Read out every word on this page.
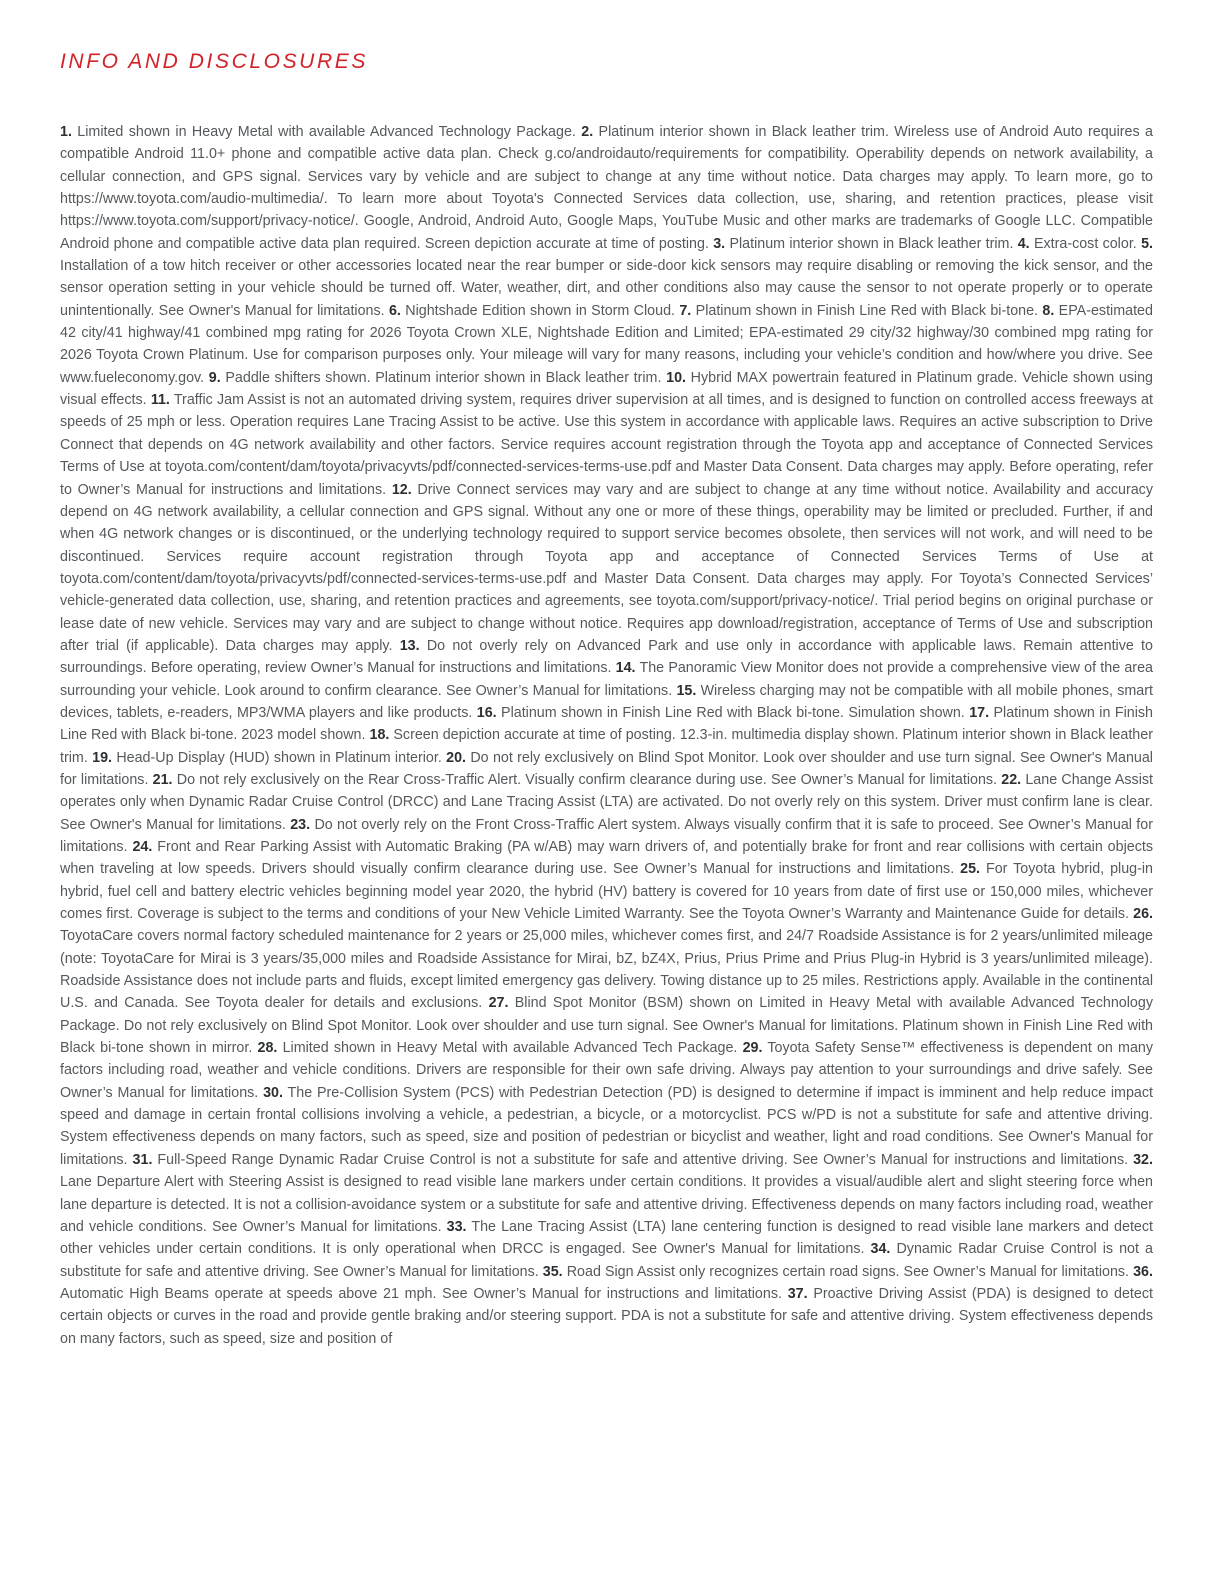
INFO AND DISCLOSURES
1. Limited shown in Heavy Metal with available Advanced Technology Package. 2. Platinum interior shown in Black leather trim. Wireless use of Android Auto requires a compatible Android 11.0+ phone and compatible active data plan. Check g.co/androidauto/requirements for compatibility. Operability depends on network availability, a cellular connection, and GPS signal. Services vary by vehicle and are subject to change at any time without notice. Data charges may apply. To learn more, go to https://www.toyota.com/audio-multimedia/. To learn more about Toyota's Connected Services data collection, use, sharing, and retention practices, please visit https://www.toyota.com/support/privacy-notice/. Google, Android, Android Auto, Google Maps, YouTube Music and other marks are trademarks of Google LLC. Compatible Android phone and compatible active data plan required. Screen depiction accurate at time of posting. 3. Platinum interior shown in Black leather trim. 4. Extra-cost color. 5. Installation of a tow hitch receiver or other accessories located near the rear bumper or side-door kick sensors may require disabling or removing the kick sensor, and the sensor operation setting in your vehicle should be turned off. Water, weather, dirt, and other conditions also may cause the sensor to not operate properly or to operate unintentionally. See Owner's Manual for limitations. 6. Nightshade Edition shown in Storm Cloud. 7. Platinum shown in Finish Line Red with Black bi-tone. 8. EPA-estimated 42 city/41 highway/41 combined mpg rating for 2026 Toyota Crown XLE, Nightshade Edition and Limited; EPA-estimated 29 city/32 highway/30 combined mpg rating for 2026 Toyota Crown Platinum. Use for comparison purposes only. Your mileage will vary for many reasons, including your vehicle’s condition and how/where you drive. See www.fueleconomy.gov. 9. Paddle shifters shown. Platinum interior shown in Black leather trim. 10. Hybrid MAX powertrain featured in Platinum grade. Vehicle shown using visual effects. 11. Traffic Jam Assist is not an automated driving system, requires driver supervision at all times, and is designed to function on controlled access freeways at speeds of 25 mph or less. Operation requires Lane Tracing Assist to be active. Use this system in accordance with applicable laws. Requires an active subscription to Drive Connect that depends on 4G network availability and other factors. Service requires account registration through the Toyota app and acceptance of Connected Services Terms of Use at toyota.com/content/dam/toyota/privacyvts/pdf/connected-services-terms-use.pdf and Master Data Consent. Data charges may apply. Before operating, refer to Owner’s Manual for instructions and limitations. 12. Drive Connect services may vary and are subject to change at any time without notice. Availability and accuracy depend on 4G network availability, a cellular connection and GPS signal. Without any one or more of these things, operability may be limited or precluded. Further, if and when 4G network changes or is discontinued, or the underlying technology required to support service becomes obsolete, then services will not work, and will need to be discontinued. Services require account registration through Toyota app and acceptance of Connected Services Terms of Use at toyota.com/content/dam/toyota/privacyvts/pdf/connected-services-terms-use.pdf and Master Data Consent. Data charges may apply. For Toyota’s Connected Services’ vehicle-generated data collection, use, sharing, and retention practices and agreements, see toyota.com/support/privacy-notice/. Trial period begins on original purchase or lease date of new vehicle. Services may vary and are subject to change without notice. Requires app download/registration, acceptance of Terms of Use and subscription after trial (if applicable). Data charges may apply. 13. Do not overly rely on Advanced Park and use only in accordance with applicable laws. Remain attentive to surroundings. Before operating, review Owner’s Manual for instructions and limitations. 14. The Panoramic View Monitor does not provide a comprehensive view of the area surrounding your vehicle. Look around to confirm clearance. See Owner’s Manual for limitations. 15. Wireless charging may not be compatible with all mobile phones, smart devices, tablets, e-readers, MP3/WMA players and like products. 16. Platinum shown in Finish Line Red with Black bi-tone. Simulation shown. 17. Platinum shown in Finish Line Red with Black bi-tone. 2023 model shown. 18. Screen depiction accurate at time of posting. 12.3-in. multimedia display shown. Platinum interior shown in Black leather trim. 19. Head-Up Display (HUD) shown in Platinum interior. 20. Do not rely exclusively on Blind Spot Monitor. Look over shoulder and use turn signal. See Owner's Manual for limitations. 21. Do not rely exclusively on the Rear Cross-Traffic Alert. Visually confirm clearance during use. See Owner’s Manual for limitations. 22. Lane Change Assist operates only when Dynamic Radar Cruise Control (DRCC) and Lane Tracing Assist (LTA) are activated. Do not overly rely on this system. Driver must confirm lane is clear. See Owner's Manual for limitations. 23. Do not overly rely on the Front Cross-Traffic Alert system. Always visually confirm that it is safe to proceed. See Owner’s Manual for limitations. 24. Front and Rear Parking Assist with Automatic Braking (PA w/AB) may warn drivers of, and potentially brake for front and rear collisions with certain objects when traveling at low speeds. Drivers should visually confirm clearance during use. See Owner’s Manual for instructions and limitations. 25. For Toyota hybrid, plug-in hybrid, fuel cell and battery electric vehicles beginning model year 2020, the hybrid (HV) battery is covered for 10 years from date of first use or 150,000 miles, whichever comes first. Coverage is subject to the terms and conditions of your New Vehicle Limited Warranty. See the Toyota Owner’s Warranty and Maintenance Guide for details. 26. ToyotaCare covers normal factory scheduled maintenance for 2 years or 25,000 miles, whichever comes first, and 24/7 Roadside Assistance is for 2 years/unlimited mileage (note: ToyotaCare for Mirai is 3 years/35,000 miles and Roadside Assistance for Mirai, bZ, bZ4X, Prius, Prius Prime and Prius Plug-in Hybrid is 3 years/unlimited mileage). Roadside Assistance does not include parts and fluids, except limited emergency gas delivery. Towing distance up to 25 miles. Restrictions apply. Available in the continental U.S. and Canada. See Toyota dealer for details and exclusions. 27. Blind Spot Monitor (BSM) shown on Limited in Heavy Metal with available Advanced Technology Package. Do not rely exclusively on Blind Spot Monitor. Look over shoulder and use turn signal. See Owner's Manual for limitations. Platinum shown in Finish Line Red with Black bi-tone shown in mirror. 28. Limited shown in Heavy Metal with available Advanced Tech Package. 29. Toyota Safety Sense™ effectiveness is dependent on many factors including road, weather and vehicle conditions. Drivers are responsible for their own safe driving. Always pay attention to your surroundings and drive safely. See Owner’s Manual for limitations. 30. The Pre-Collision System (PCS) with Pedestrian Detection (PD) is designed to determine if impact is imminent and help reduce impact speed and damage in certain frontal collisions involving a vehicle, a pedestrian, a bicycle, or a motorcyclist. PCS w/PD is not a substitute for safe and attentive driving. System effectiveness depends on many factors, such as speed, size and position of pedestrian or bicyclist and weather, light and road conditions. See Owner's Manual for limitations. 31. Full-Speed Range Dynamic Radar Cruise Control is not a substitute for safe and attentive driving. See Owner’s Manual for instructions and limitations. 32. Lane Departure Alert with Steering Assist is designed to read visible lane markers under certain conditions. It provides a visual/audible alert and slight steering force when lane departure is detected. It is not a collision-avoidance system or a substitute for safe and attentive driving. Effectiveness depends on many factors including road, weather and vehicle conditions. See Owner’s Manual for limitations. 33. The Lane Tracing Assist (LTA) lane centering function is designed to read visible lane markers and detect other vehicles under certain conditions. It is only operational when DRCC is engaged. See Owner's Manual for limitations. 34. Dynamic Radar Cruise Control is not a substitute for safe and attentive driving. See Owner’s Manual for limitations. 35. Road Sign Assist only recognizes certain road signs. See Owner’s Manual for limitations. 36. Automatic High Beams operate at speeds above 21 mph. See Owner’s Manual for instructions and limitations. 37. Proactive Driving Assist (PDA) is designed to detect certain objects or curves in the road and provide gentle braking and/or steering support. PDA is not a substitute for safe and attentive driving. System effectiveness depends on many factors, such as speed, size and position of
